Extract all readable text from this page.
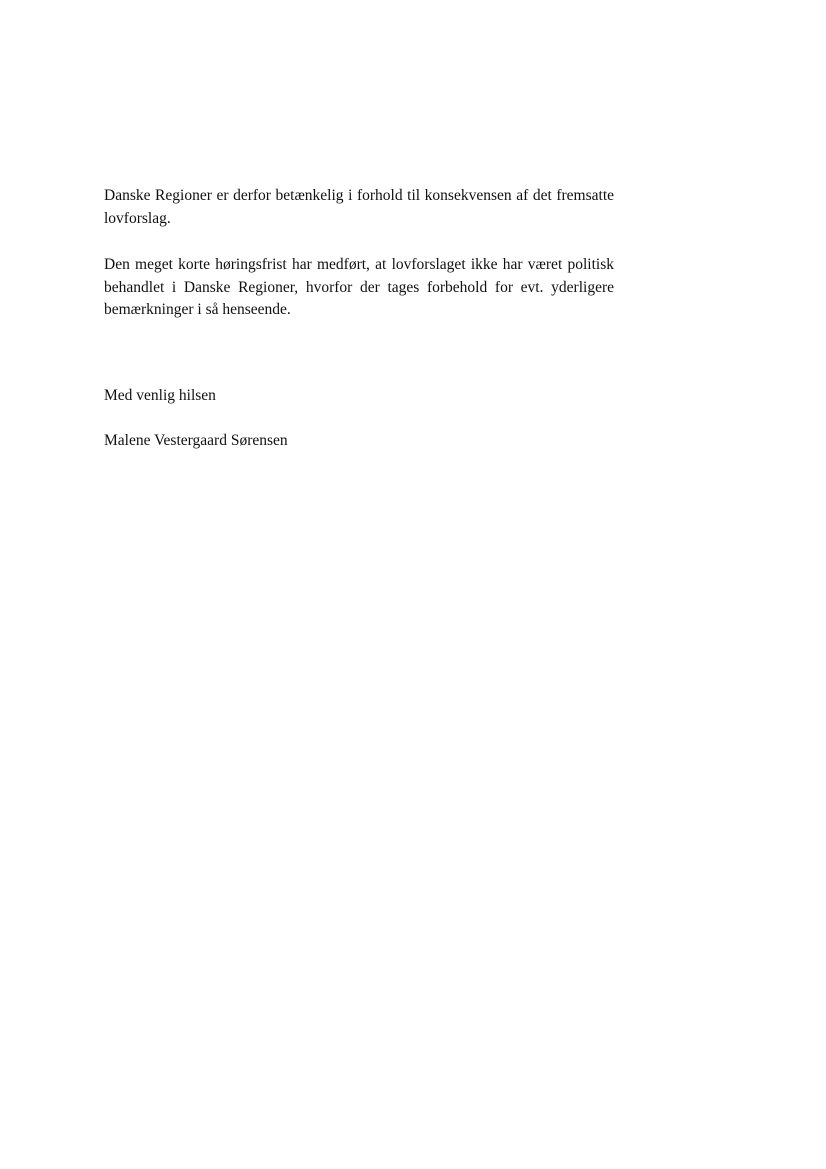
Danske Regioner er derfor betænkelig i forhold til konsekvensen af det fremsatte lovforslag.

Den meget korte høringsfrist har medført, at lovforslaget ikke har været politisk behandlet i Danske Regioner, hvorfor der tages forbehold for evt. yderligere bemærkninger i så henseende.

Med venlig hilsen

Malene Vestergaard Sørensen
